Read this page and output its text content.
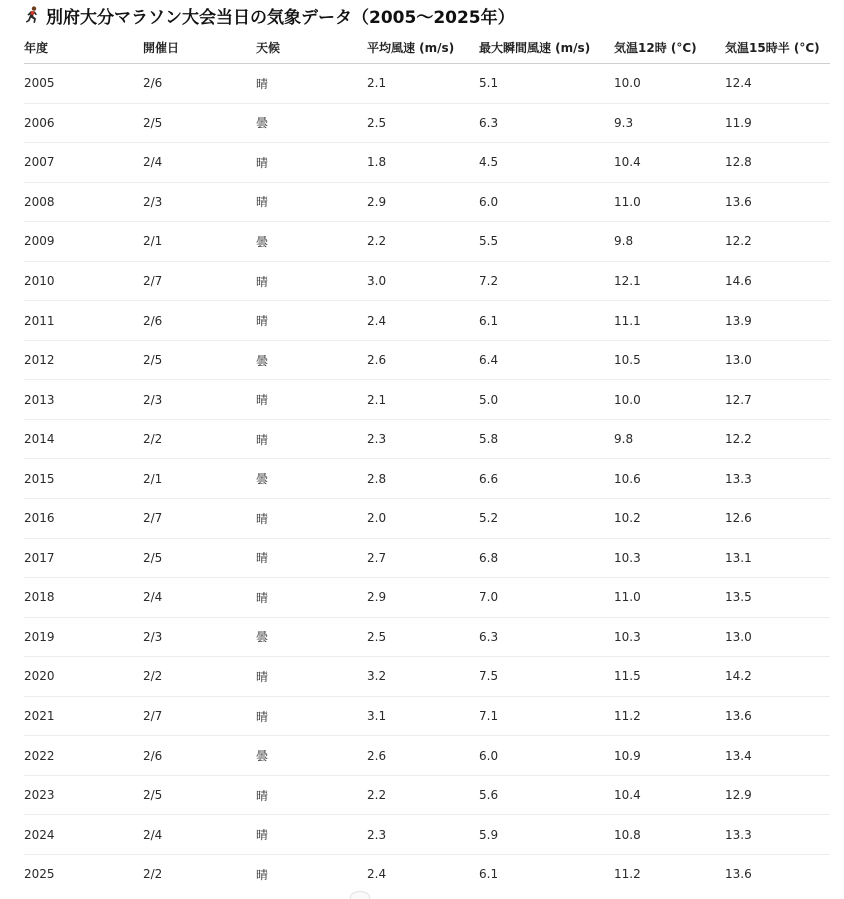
別府大分マラソン大会当日の気象データ（2005〜2025年）
年度	開催日	天候	平均風速 (m/s)	最大瞬間風速 (m/s)	気温12時 (°C)	気温15時半 (°C)
2005	2/6	晴	2.1	5.1	10.0	12.4
2006	2/5	曇	2.5	6.3	9.3	11.9
2007	2/4	晴	1.8	4.5	10.4	12.8
2008	2/3	晴	2.9	6.0	11.0	13.6
2009	2/1	曇	2.2	5.5	9.8	12.2
2010	2/7	晴	3.0	7.2	12.1	14.6
2011	2/6	晴	2.4	6.1	11.1	13.9
2012	2/5	曇	2.6	6.4	10.5	13.0
2013	2/3	晴	2.1	5.0	10.0	12.7
2014	2/2	晴	2.3	5.8	9.8	12.2
2015	2/1	曇	2.8	6.6	10.6	13.3
2016	2/7	晴	2.0	5.2	10.2	12.6
2017	2/5	晴	2.7	6.8	10.3	13.1
2018	2/4	晴	2.9	7.0	11.0	13.5
2019	2/3	曇	2.5	6.3	10.3	13.0
2020	2/2	晴	3.2	7.5	11.5	14.2
2021	2/7	晴	3.1	7.1	11.2	13.6
2022	2/6	曇	2.6	6.0	10.9	13.4
2023	2/5	晴	2.2	5.6	10.4	12.9
2024	2/4	晴	2.3	5.9	10.8	13.3
2025	2/2	晴	2.4	6.1	11.2	13.6
